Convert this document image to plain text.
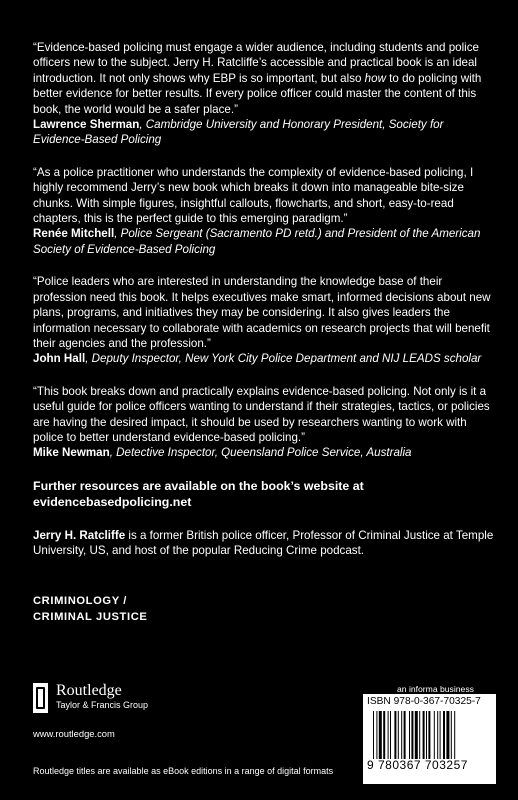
“Evidence-based policing must engage a wider audience, including students and police officers new to the subject. Jerry H. Ratcliffe’s accessible and practical book is an ideal introduction. It not only shows why EBP is so important, but also how to do policing with better evidence for better results. If every police officer could master the content of this book, the world would be a safer place.”

Lawrence Sherman, Cambridge University and Honorary President, Society for Evidence-Based Policing

“As a police practitioner who understands the complexity of evidence-based policing, I highly recommend Jerry’s new book which breaks it down into manageable bite-size chunks. With simple figures, insightful callouts, flowcharts, and short, easy-to-read chapters, this is the perfect guide to this emerging paradigm.”

Renée Mitchell, Police Sergeant (Sacramento PD retd.) and President of the American Society of Evidence-Based Policing

“Police leaders who are interested in understanding the knowledge base of their profession need this book. It helps executives make smart, informed decisions about new plans, programs, and initiatives they may be considering. It also gives leaders the information necessary to collaborate with academics on research projects that will benefit their agencies and the profession.”

John Hall, Deputy Inspector, New York City Police Department and NIJ LEADS scholar

“This book breaks down and practically explains evidence-based policing. Not only is it a useful guide for police officers wanting to understand if their strategies, tactics, or policies are having the desired impact, it should be used by researchers wanting to work with police to better understand evidence-based policing.”

Mike Newman, Detective Inspector, Queensland Police Service, Australia

Further resources are available on the book’s website at evidencebasedpolicing.net

Jerry H. Ratcliffe is a former British police officer, Professor of Criminal Justice at Temple University, US, and host of the popular Reducing Crime podcast.

CRIMINOLOGY /

CRIMINAL JUSTICE

Routledge
Taylor & Francis Group
www.routledge.com
an informa business
Routledge titles are available as eBook editions in a range of digital formats
ISBN 978-0-367-70325-7
9 780367 703257
